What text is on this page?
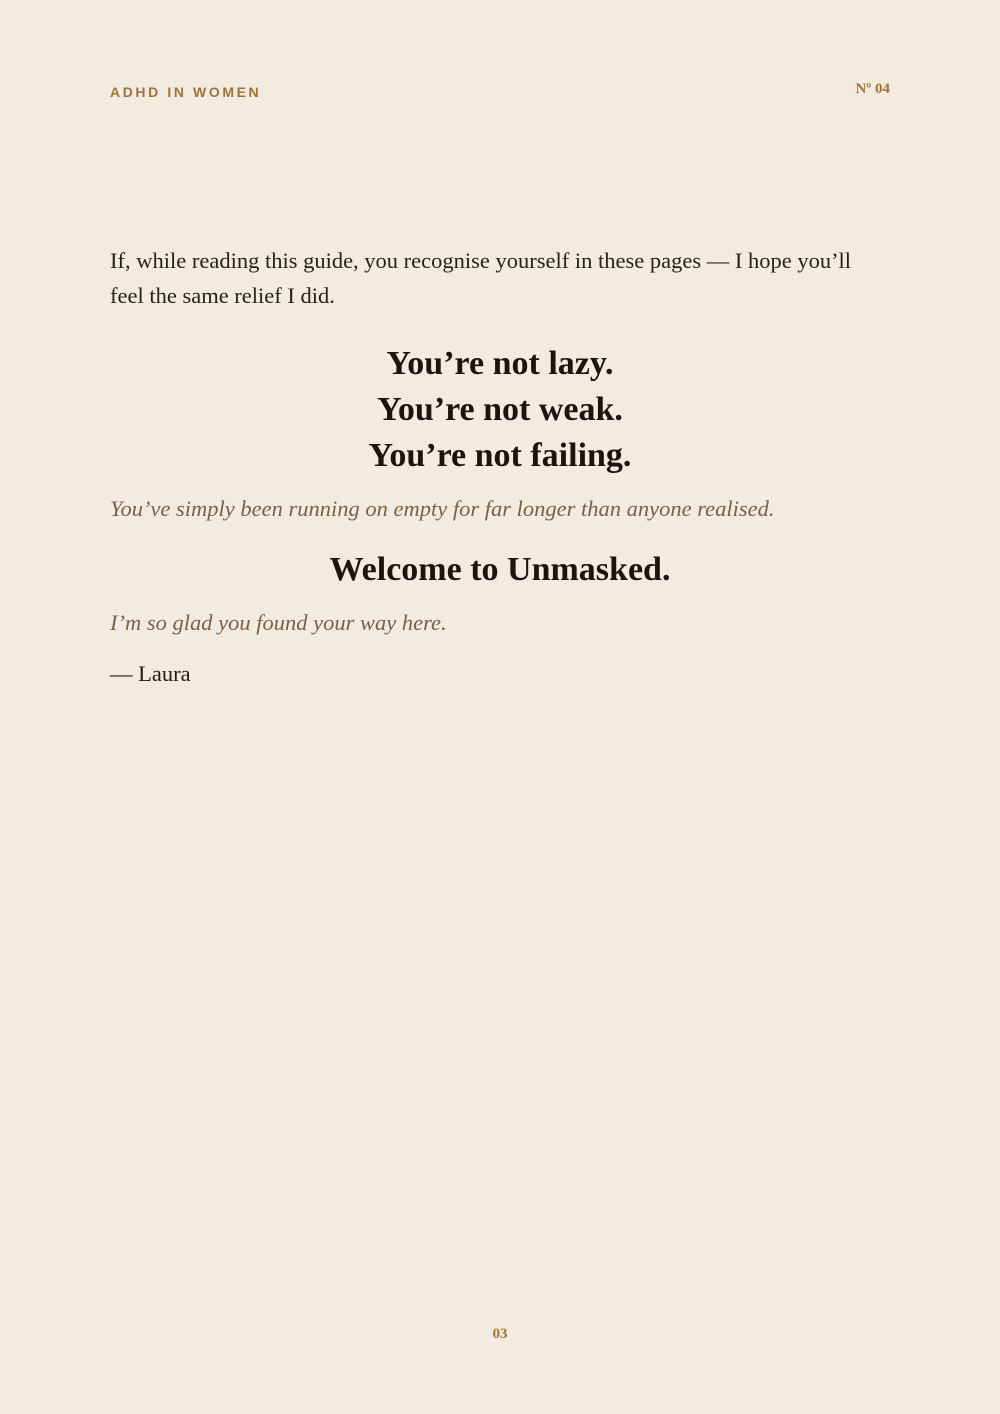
ADHD IN WOMEN	Nº 04

If, while reading this guide, you recognise yourself in these pages — I hope you’ll feel the same relief I did.

You’re not lazy.
You’re not weak.
You’re not failing.

You’ve simply been running on empty for far longer than anyone realised.

Welcome to Unmasked.

I’m so glad you found your way here.

— Laura

03
